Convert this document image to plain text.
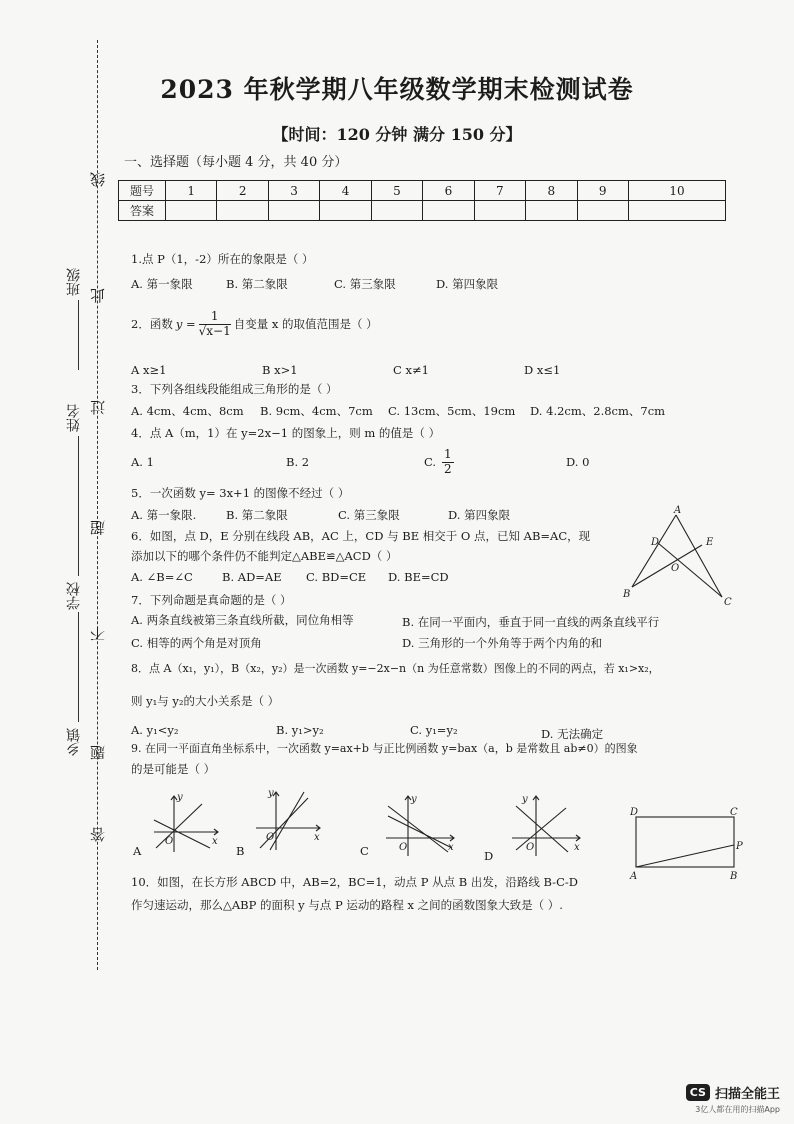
线
此
过
超
不
题
答
班级
姓名
学校
乡镇
2023 年秋学期八年级数学期末检测试卷
【时间：120 分钟 满分 150 分】
一、选择题（每小题 4 分，共 40 分）
题号	1	2	3	4	5	6	7	8	9	10
答案										
1.点 P（1，-2）所在的象限是（ ）
A. 第一象限	B. 第二象限	C. 第三象限	D. 第四象限
2．函数 $y = \frac{1}{√x-1}$ 自变量 x 的取值范围是（ ）
A x≥1	B x>1	C x≠1	D x≤1
3．下列各组线段能组成三角形的是（ ）
A. 4cm、4cm、8cm B. 9cm、4cm、7cm C. 13cm、5cm、19cm D. 4.2cm、2.8cm、7cm
4．点 A（m，1）在 y=2x−1 的图象上，则 m 的值是（ ）
A. 1	B. 2	C. $\frac{1}{2}$	D. 0
5．一次函数 y= 3x+1 的图像不经过（ ）
A. 第一象限.	B. 第二象限	C. 第三象限	D. 第四象限
6．如图，点 D，E 分别在线段 AB，AC 上，CD 与 BE 相交于 O 点，已知 AB=AC，现
添加以下的哪个条件仍不能判定△ABE≌△ACD（ ）
A. ∠B=∠C	B. AD=AE C. BD=CE D. BE=CD
A
D	E
O
B
C
7．下列命题是真命题的是（ ）
A. 两条直线被第三条直线所截，同位角相等	B. 在同一平面内，垂直于同一直线的两条直线平行
C. 相等的两个角是对顶角	D. 三角形的一个外角等于两个内角的和
8．点 A（x₁，y₁），B（x₂，y₂）是一次函数 y=−2x−n（n 为任意常数）图像上的不同的两点，若 x₁>x₂，
则 y₁与 y₂的大小关系是（ ）
A. y₁<y₂	B. y₁>y₂	C. y₁=y₂	D. 无法确定
9. 在同一平面直角坐标系中，一次函数 y=ax+b 与正比例函数 y=bax（a，b 是常数且 ab≠0）的图象
的是可能是（ ）
y
x
O
A
y
x
O
B
y
x
O
C
y
x
O
D
D	C
P
A	B
10．如图，在长方形 ABCD 中，AB=2，BC=1，动点 P 从点 B 出发，沿路线 B-C-D
作匀速运动，那么△ABP 的面积 y 与点 P 运动的路程 x 之间的函数图象大致是（ ）.
CS 扫描全能王
3亿人都在用的扫描App
